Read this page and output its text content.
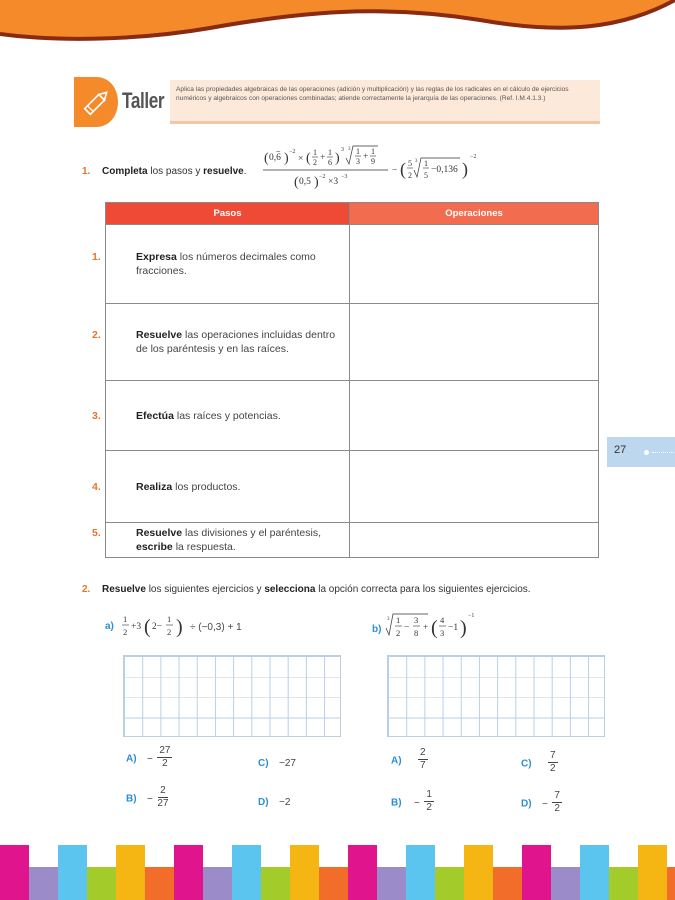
Taller	Aplica las propiedades algebraicas de las operaciones (adición y multiplicación) y las reglas de los radicales en el cálculo de ejercicios numéricos y algebraicos con operaciones combinadas; atiende correctamente la jerarquía de las operaciones. (Ref. I.M.4.1.3.)
1. Completa los pasos y resuelve.
( 0,6
⌢ ) −2
× ( 1
2 +
1
6 )
3 3 1
3 +
1
9
( 0,5 ) −2 ×3 −3
− ( 5
2
3 1
5
−0,136 )
−2
Pasos	Operaciones

1. Expresa los números decimales como fracciones.	

2. Resuelve las operaciones incluidas dentro de los paréntesis y en las raíces.	

3. Efectúa las raíces y potencias.	

4. Realiza los productos.	

5. Resuelve las divisiones y el paréntesis, escribe la respuesta.	

27
2. Resuelve los siguientes ejercicios y selecciona la opción correcta para los siguientes ejercicios.
a)
1
2 +3 ( 2−
1
2 ) ÷ (−0,3) + 1	b)
3 1
2 −
3
8 + ( 4
3 −1 )
−1
$A) - \frac{27}{2}$	C) −27
$B) - \frac{2}{27}$	D) −2
$A) \frac{2}{7}$	$C) \frac{7}{2}$
$B) - \frac{1}{2}$	$D) - \frac{7}{2}$
